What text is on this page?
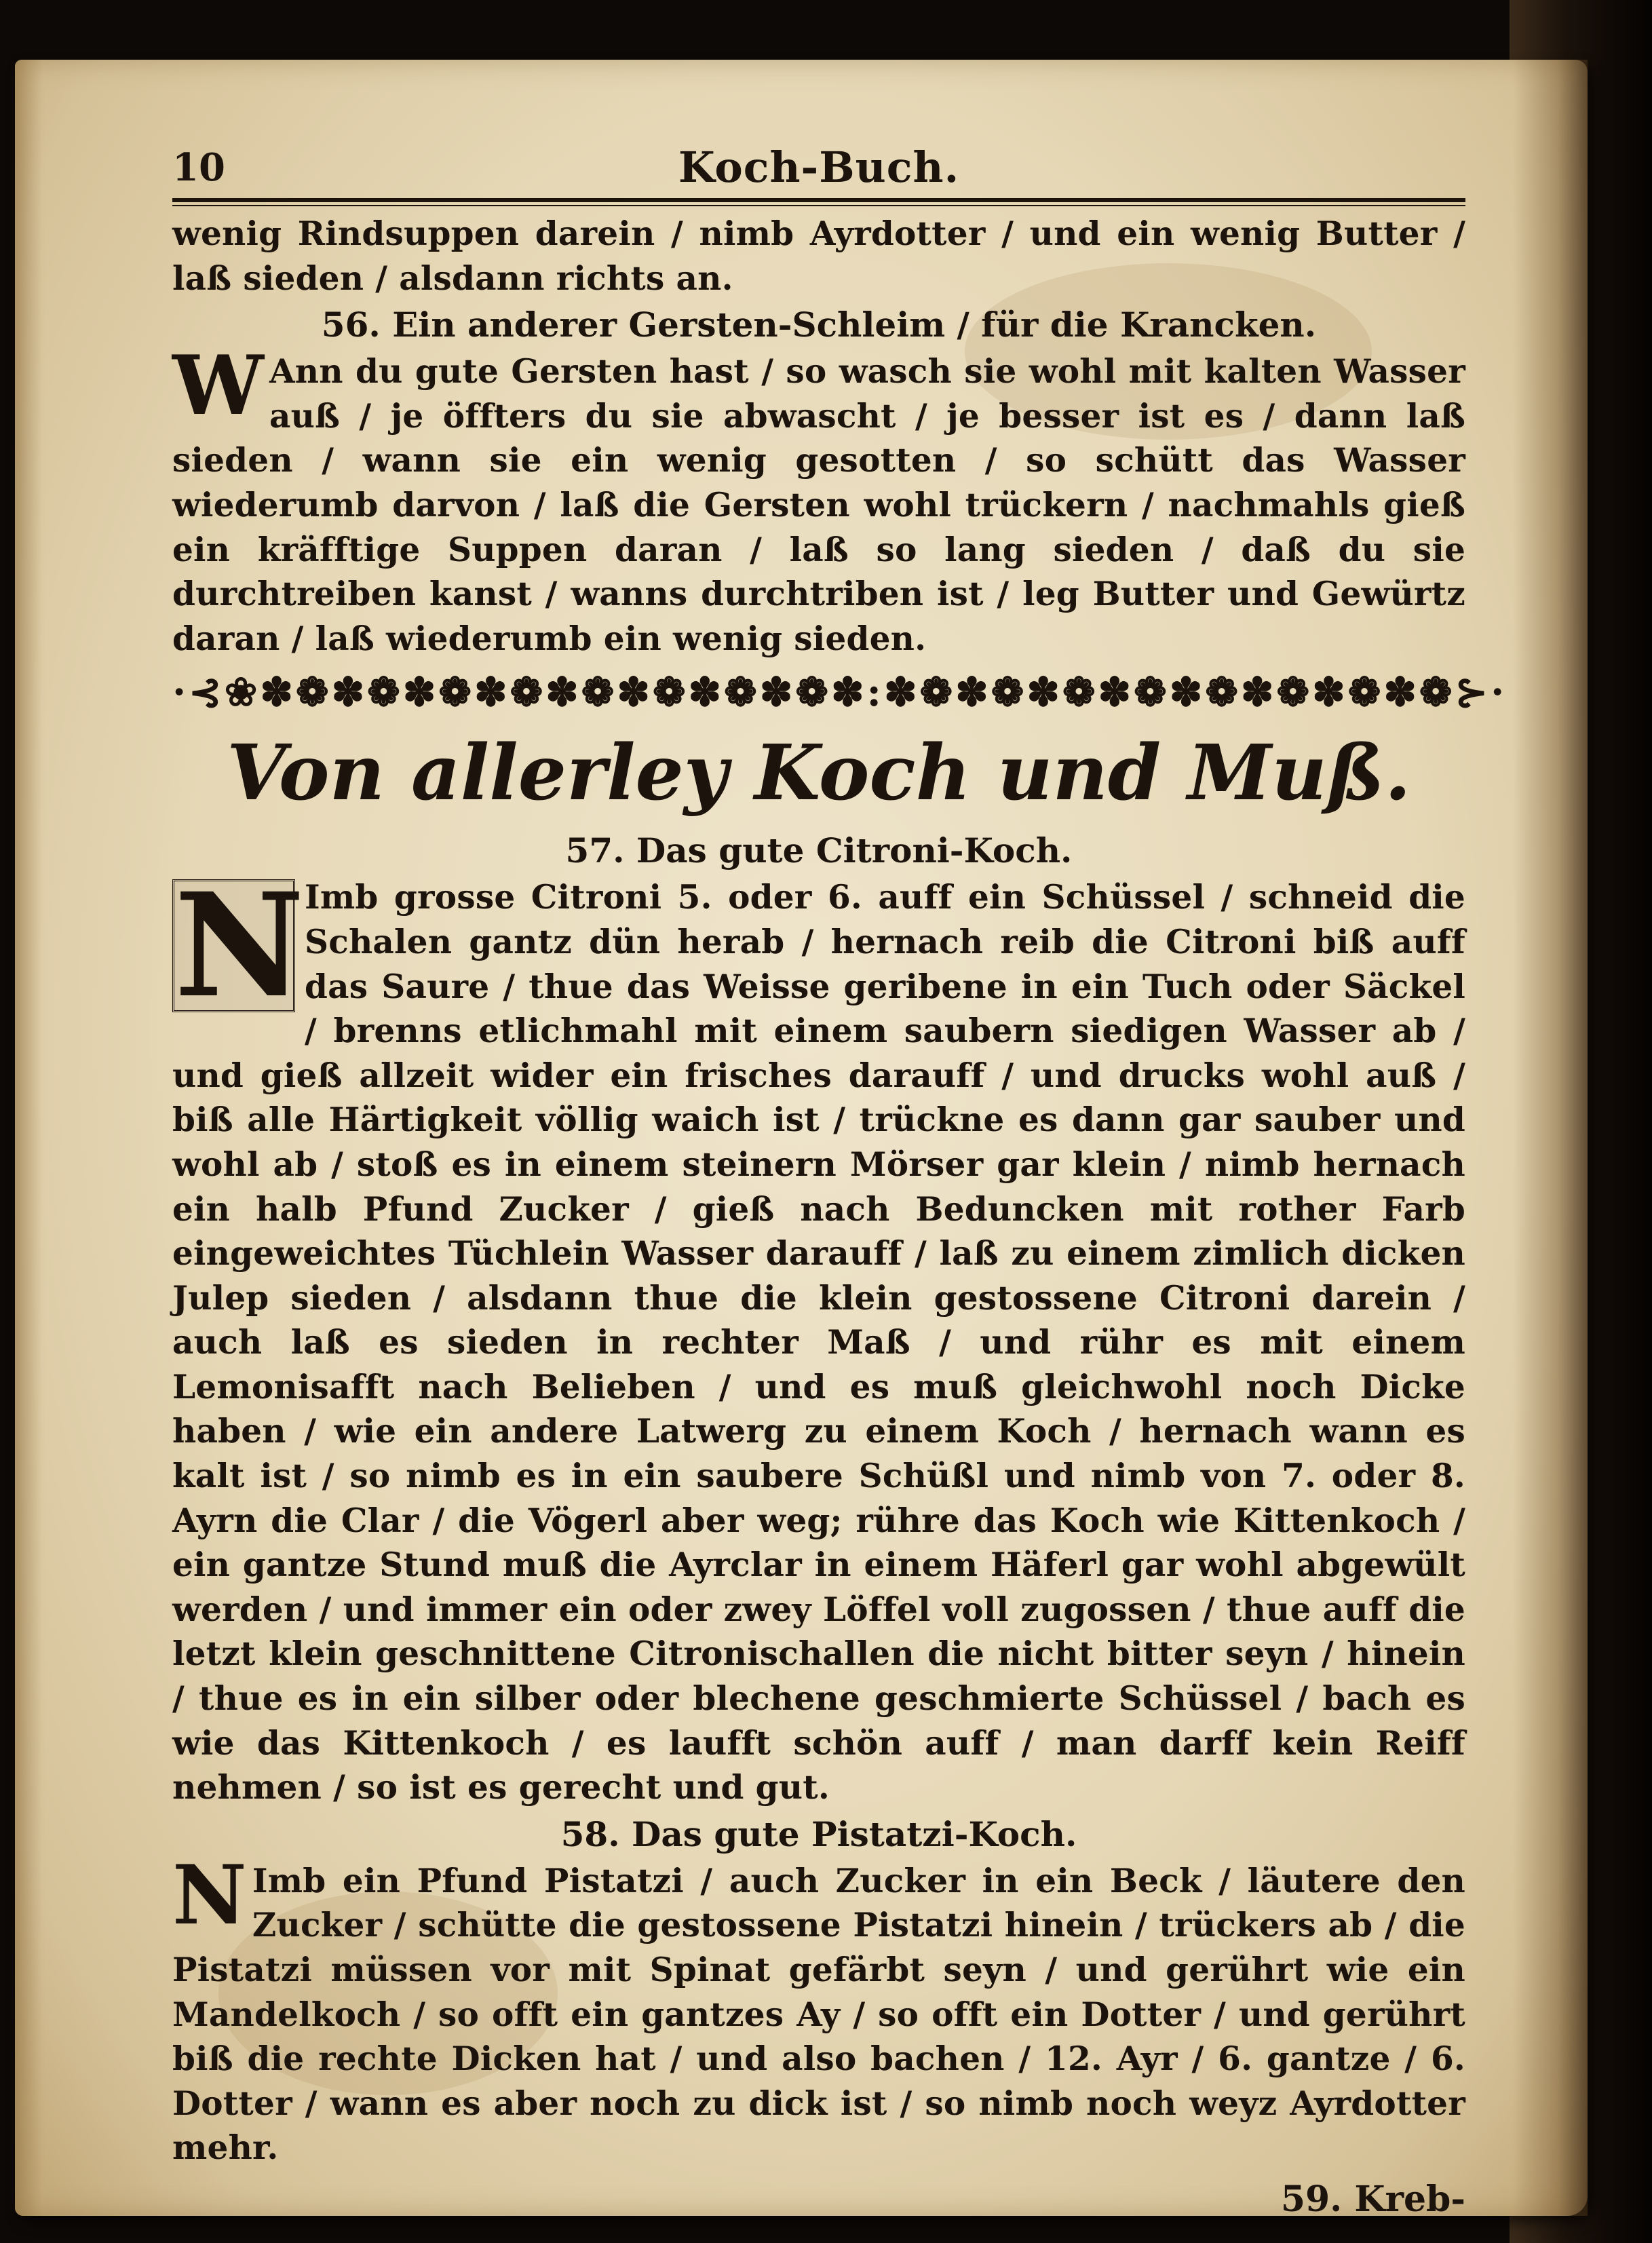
10	Koch-Buch.

wenig Rindsuppen darein / nimb Ayrdotter / und ein wenig Butter / laß sieden / alsdann richts an.

56. Ein anderer Gersten-Schleim / für die Krancken.

W Ann du gute Gersten hast / so wasch sie wohl mit kalten Wasser auß / je öffters du sie abwascht / je besser ist es / dann laß sieden / wann sie ein wenig gesotten / so schütt das Wasser wiederumb darvon / laß die Gersten wohl trückern / nachmahls gieß ein kräfftige Suppen daran / laß so lang sieden / daß du sie durchtreiben kanst / wanns durchtriben ist / leg Butter und Gewürtz daran / laß wiederumb ein wenig sieden.

·⊰❀✽❁✽❁✽❁✽❁✽❁✽❁✽❁✽❁✽:✽❁✽❁✽❁✽❁✽❁✽❁✽❁✽❁⊱·
Von allerley Koch und Muß.
57. Das gute Citroni-Koch.

N Imb grosse Citroni 5. oder 6. auff ein Schüssel / schneid die Schalen gantz dün herab / hernach reib die Citroni biß auff das Saure / thue das Weisse geribene in ein Tuch oder Säckel / brenns etlichmahl mit einem saubern siedigen Wasser ab / und gieß allzeit wider ein frisches darauff / und drucks wohl auß / biß alle Härtigkeit völlig waich ist / trückne es dann gar sauber und wohl ab / stoß es in einem steinern Mörser gar klein / nimb hernach ein halb Pfund Zucker / gieß nach Beduncken mit rother Farb eingeweichtes Tüchlein Wasser darauff / laß zu einem zimlich dicken Julep sieden / alsdann thue die klein gestossene Citroni darein / auch laß es sieden in rechter Maß / und rühr es mit einem Lemonisafft nach Belieben / und es muß gleichwohl noch Dicke haben / wie ein andere Latwerg zu einem Koch / hernach wann es kalt ist / so nimb es in ein saubere Schüßl und nimb von 7. oder 8. Ayrn die Clar / die Vögerl aber weg; rühre das Koch wie Kittenkoch / ein gantze Stund muß die Ayrclar in einem Häferl gar wohl abgewült werden / und immer ein oder zwey Löffel voll zugossen / thue auff die letzt klein geschnittene Citronischallen die nicht bitter seyn / hinein / thue es in ein silber oder blechene geschmierte Schüssel / bach es wie das Kittenkoch / es laufft schön auff / man darff kein Reiff nehmen / so ist es gerecht und gut.

58. Das gute Pistatzi-Koch.

N Imb ein Pfund Pistatzi / auch Zucker in ein Beck / läutere den Zucker / schütte die gestossene Pistatzi hinein / trückers ab / die Pistatzi müssen vor mit Spinat gefärbt seyn / und gerührt wie ein Mandelkoch / so offt ein gantzes Ay / so offt ein Dotter / und gerührt biß die rechte Dicken hat / und also bachen / 12. Ayr / 6. gantze / 6. Dotter / wann es aber noch zu dick ist / so nimb noch weyz Ayrdotter mehr.

59. Kreb-
